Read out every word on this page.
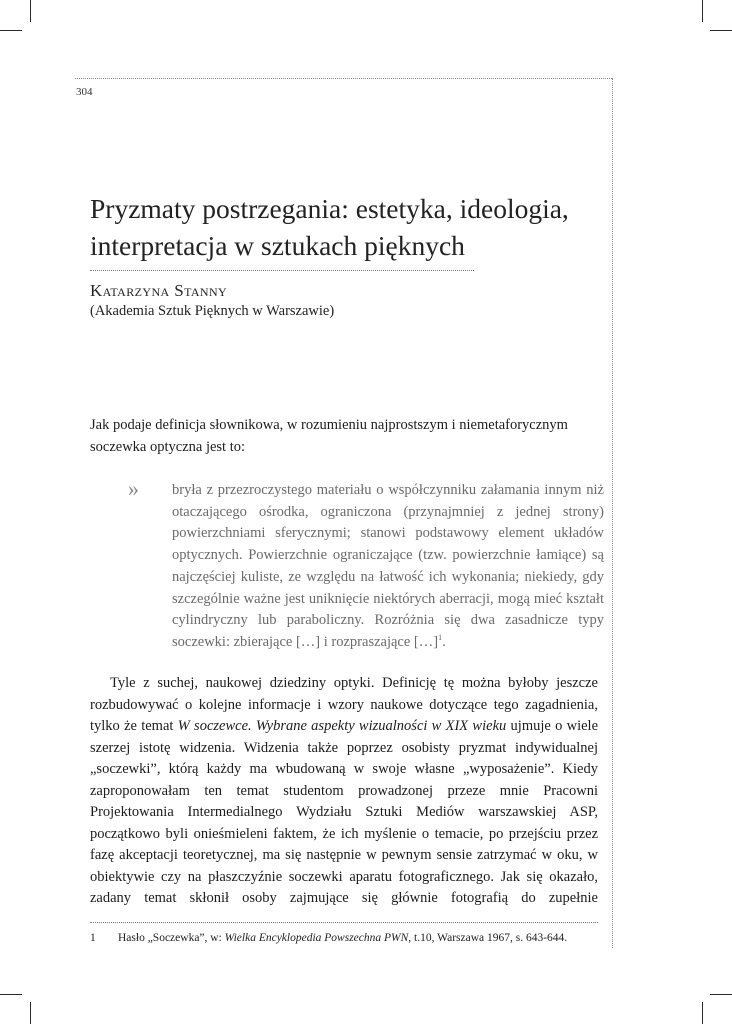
304
Pryzmaty postrzegania: estetyka, ideologia, interpretacja w sztukach pięknych
Katarzyna Stanny
(Akademia Sztuk Pięknych w Warszawie)

Jak podaje definicja słownikowa, w rozumieniu najprostszym i niemetaforycznym soczewka optyczna jest to:

» bryła z przezroczystego materiału o współczynniku załamania innym niż otaczającego ośrodka, ograniczona (przynajmniej z jednej strony) powierzchniami sferycznymi; stanowi podstawowy element układów optycznych. Powierzchnie ograniczające (tzw. powierzchnie łamiące) są najczęściej kuliste, ze względu na łatwość ich wykonania; niekiedy, gdy szczególnie ważne jest uniknięcie niektórych aberracji, mogą mieć kształt cylindryczny lub paraboliczny. Rozróżnia się dwa zasadnicze typy soczewki: zbierające […] i rozpraszające […]$^1$.

Tyle z suchej, naukowej dziedziny optyki. Definicję tę można byłoby jeszcze rozbudowywać o kolejne informacje i wzory naukowe dotyczące tego zagadnienia, tylko że temat W soczewce. Wybrane aspekty wizualności w XIX wieku ujmuje o wiele szerzej istotę widzenia. Widzenia także poprzez osobisty pryzmat indywidualnej „soczewki”, którą każdy ma wbudowaną w swoje własne „wyposażenie”. Kiedy zaproponowałam ten temat studentom prowadzonej przeze mnie Pracowni Projektowania Intermedialnego Wydziału Sztuki Mediów warszawskiej ASP, początkowo byli onieśmieleni faktem, że ich myślenie o temacie, po przejściu przez fazę akceptacji teoretycznej, ma się następnie w pewnym sensie zatrzymać w oku, w obiektywie czy na płaszczyźnie soczewki aparatu fotograficznego. Jak się okazało, zadany temat skłonił osoby zajmujące się głównie fotografią do zupełnie

1 Hasło „Soczewka”, w: Wielka Encyklopedia Powszechna PWN, t.10, Warszawa 1967, s. 643-644.
